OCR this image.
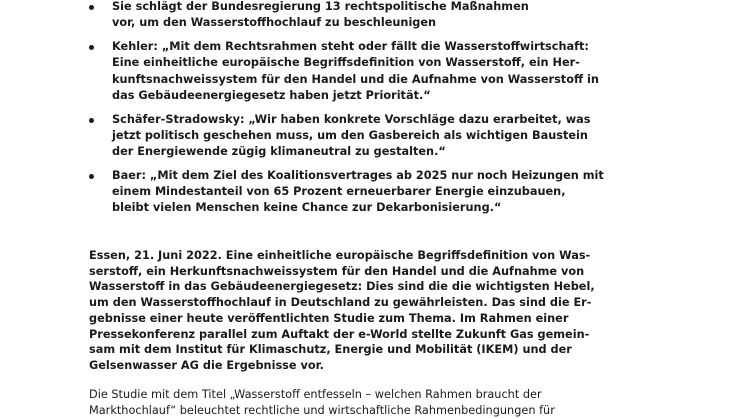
Sie schlägt der Bundesregierung 13 rechtspolitische Maßnahmen
vor, um den Wasserstoffhochlauf zu beschleunigen
Kehler: „Mit dem Rechtsrahmen steht oder fällt die Wasserstoffwirtschaft:
Eine einheitliche europäische Begriffsdefinition von Wasserstoff, ein Her-
kunftsnachweissystem für den Handel und die Aufnahme von Wasserstoff in
das Gebäudeenergiegesetz haben jetzt Priorität.“
Schäfer-Stradowsky: „Wir haben konkrete Vorschläge dazu erarbeitet, was
jetzt politisch geschehen muss, um den Gasbereich als wichtigen Baustein
der Energiewende zügig klimaneutral zu gestalten.“
Baer: „Mit dem Ziel des Koalitionsvertrages ab 2025 nur noch Heizungen mit
einem Mindestanteil von 65 Prozent erneuerbarer Energie einzubauen,
bleibt vielen Menschen keine Chance zur Dekarbonisierung.“

Essen, 21. Juni 2022. Eine einheitliche europäische Begriffsdefinition von Was-
serstoff, ein Herkunftsnachweissystem für den Handel und die Aufnahme von
Wasserstoff in das Gebäudeenergiegesetz: Dies sind die die wichtigsten Hebel,
um den Wasserstoffhochlauf in Deutschland zu gewährleisten. Das sind die Er-
gebnisse einer heute veröffentlichten Studie zum Thema. Im Rahmen einer
Pressekonferenz parallel zum Auftakt der e-World stellte Zukunft Gas gemein-
sam mit dem Institut für Klimaschutz, Energie und Mobilität (IKEM) und der
Gelsenwasser AG die Ergebnisse vor.

Die Studie mit dem Titel „Wasserstoff entfesseln – welchen Rahmen braucht der
Markthochlauf“ beleuchtet rechtliche und wirtschaftliche Rahmenbedingungen für
